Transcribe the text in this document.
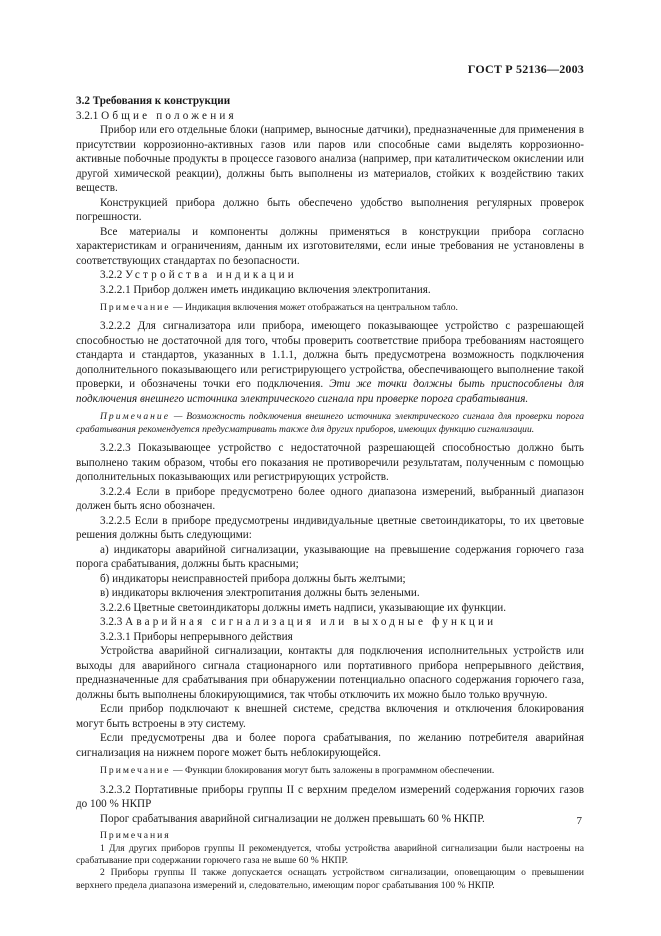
ГОСТ Р 52136—2003
3.2 Требования к конструкции
3.2.1 Общие положения

Прибор или его отдельные блоки (например, выносные датчики), предназначенные для применения в присутствии коррозионно-активных газов или паров или способные сами выделять коррозионно-активные побочные продукты в процессе газового анализа (например, при каталитическом окислении или другой химической реакции), должны быть выполнены из материалов, стойких к воздействию таких веществ.

Конструкцией прибора должно быть обеспечено удобство выполнения регулярных проверок погрешности.

Все материалы и компоненты должны применяться в конструкции прибора согласно характеристикам и ограничениям, данным их изготовителями, если иные требования не установлены в соответствующих стандартах по безопасности.

3.2.2 Устройства индикации

3.2.2.1 Прибор должен иметь индикацию включения электропитания.

Примечание — Индикация включения может отображаться на центральном табло.

3.2.2.2 Для сигнализатора или прибора, имеющего показывающее устройство с разрешающей способностью не достаточной для того, чтобы проверить соответствие прибора требованиям настоящего стандарта и стандартов, указанных в 1.1.1, должна быть предусмотрена возможность подключения дополнительного показывающего или регистрирующего устройства, обеспечивающего выполнение такой проверки, и обозначены точки его подключения. Эти же точки должны быть приспособлены для подключения внешнего источника электрического сигнала при проверке порога срабатывания.

Примечание — Возможность подключения внешнего источника электрического сигнала для проверки порога срабатывания рекомендуется предусматривать также для других приборов, имеющих функцию сигнализации.

3.2.2.3 Показывающее устройство с недостаточной разрешающей способностью должно быть выполнено таким образом, чтобы его показания не противоречили результатам, полученным с помощью дополнительных показывающих или регистрирующих устройств.

3.2.2.4 Если в приборе предусмотрено более одного диапазона измерений, выбранный диапазон должен быть ясно обозначен.

3.2.2.5 Если в приборе предусмотрены индивидуальные цветные светоиндикаторы, то их цветовые решения должны быть следующими:

а) индикаторы аварийной сигнализации, указывающие на превышение содержания горючего газа порога срабатывания, должны быть красными;

б) индикаторы неисправностей прибора должны быть желтыми;

в) индикаторы включения электропитания должны быть зелеными.

3.2.2.6 Цветные светоиндикаторы должны иметь надписи, указывающие их функции.

3.2.3 Аварийная сигнализация или выходные функции

3.2.3.1 Приборы непрерывного действия

Устройства аварийной сигнализации, контакты для подключения исполнительных устройств или выходы для аварийного сигнала стационарного или портативного прибора непрерывного действия, предназначенные для срабатывания при обнаружении потенциально опасного содержания горючего газа, должны быть выполнены блокирующимися, так чтобы отключить их можно было только вручную.

Если прибор подключают к внешней системе, средства включения и отключения блокирования могут быть встроены в эту систему.

Если предусмотрены два и более порога срабатывания, по желанию потребителя аварийная сигнализация на нижнем пороге может быть неблокирующейся.

Примечание — Функции блокирования могут быть заложены в программном обеспечении.

3.2.3.2 Портативные приборы группы II с верхним пределом измерений содержания горючих газов до 100 % НКПР

Порог срабатывания аварийной сигнализации не должен превышать 60 % НКПР.

Примечания
1 Для других приборов группы II рекомендуется, чтобы устройства аварийной сигнализации были настроены на срабатывание при содержании горючего газа не выше 60 % НКПР.
2 Приборы группы II также допускается оснащать устройством сигнализации, оповещающим о превышении верхнего предела диапазона измерений и, следовательно, имеющим порог срабатывания 100 % НКПР.
7
